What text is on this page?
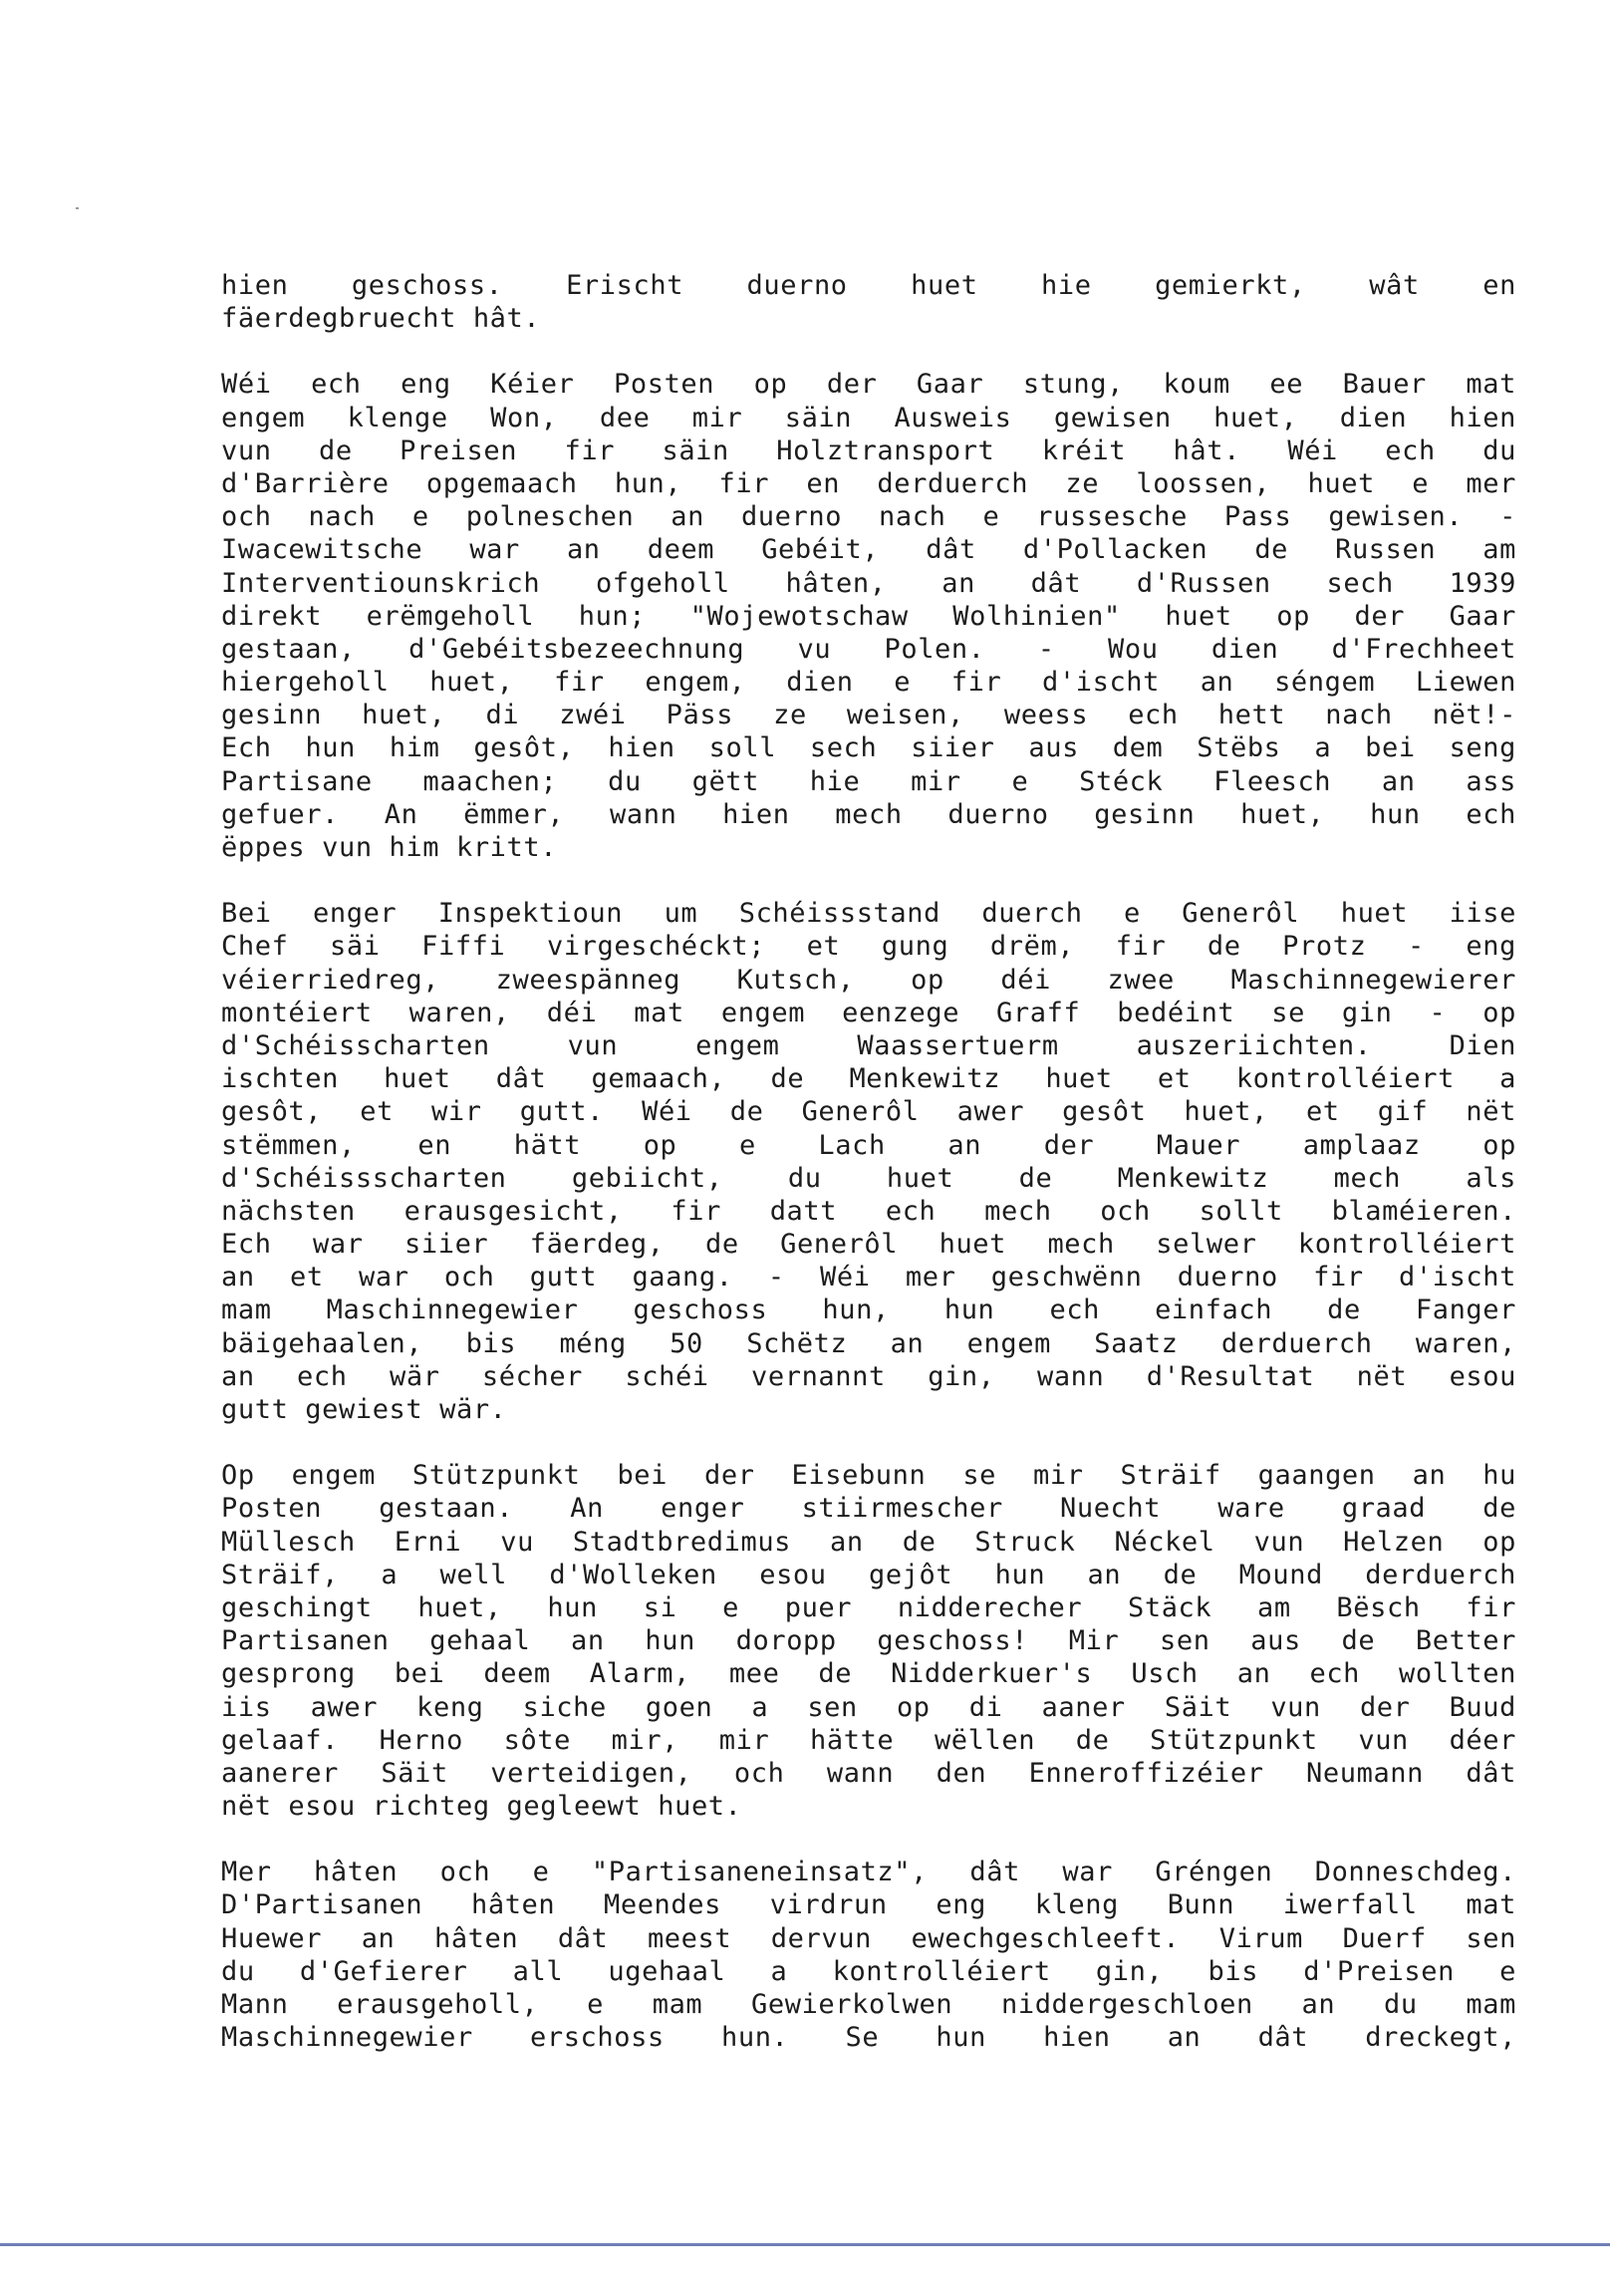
hien geschoss. Erischt duerno huet hie gemierkt, wât en
fäerdegbruecht hât.
Wéi ech eng Kéier Posten op der Gaar stung, koum ee Bauer mat
engem klenge Won, dee mir säin Ausweis gewisen huet, dien hien
vun de Preisen fir säin Holztransport kréit hât. Wéi ech du
d'Barrière opgemaach hun, fir en derduerch ze loossen, huet e mer
och nach e polneschen an duerno nach e russesche Pass gewisen. -
Iwacewitsche war an deem Gebéit, dât d'Pollacken de Russen am
Interventiounskrich ofgeholl hâten, an dât d'Russen sech 1939
direkt erëmgeholl hun; "Wojewotschaw Wolhinien" huet op der Gaar
gestaan, d'Gebéitsbezeechnung vu Polen. - Wou dien d'Frechheet
hiergeholl huet, fir engem, dien e fir d'ischt an séngem Liewen
gesinn huet, di zwéi Päss ze weisen, weess ech hett nach nët!-
Ech hun him gesôt, hien soll sech siier aus dem Stëbs a bei seng
Partisane maachen; du gëtt hie mir e Stéck Fleesch an ass
gefuer. An ëmmer, wann hien mech duerno gesinn huet, hun ech
ëppes vun him kritt.
Bei enger Inspektioun um Schéissstand duerch e Generôl huet iise
Chef säi Fiffi virgeschéckt; et gung drëm, fir de Protz - eng
véierriedreg, zweespänneg Kutsch, op déi zwee Maschinnegewierer
montéiert waren, déi mat engem eenzege Graff bedéint se gin - op
d'Schéisscharten vun engem Waassertuerm auszeriichten. Dien
ischten huet dât gemaach, de Menkewitz huet et kontrolléiert a
gesôt, et wir gutt. Wéi de Generôl awer gesôt huet, et gif nët
stëmmen, en hätt op e Lach an der Mauer amplaaz op
d'Schéissscharten gebiicht, du huet de Menkewitz mech als
nächsten erausgesicht, fir datt ech mech och sollt blaméieren.
Ech war siier fäerdeg, de Generôl huet mech selwer kontrolléiert
an et war och gutt gaang. - Wéi mer geschwënn duerno fir d'ischt
mam Maschinnegewier geschoss hun, hun ech einfach de Fanger
bäigehaalen, bis méng 50 Schëtz an engem Saatz derduerch waren,
an ech wär sécher schéi vernannt gin, wann d'Resultat nët esou
gutt gewiest wär.
Op engem Stützpunkt bei der Eisebunn se mir Sträif gaangen an hu
Posten gestaan. An enger stiirmescher Nuecht ware graad de
Müllesch Erni vu Stadtbredimus an de Struck Néckel vun Helzen op
Sträif, a well d'Wolleken esou gejôt hun an de Mound derduerch
geschingt huet, hun si e puer nidderecher Stäck am Bësch fir
Partisanen gehaal an hun doropp geschoss! Mir sen aus de Better
gesprong bei deem Alarm, mee de Nidderkuer's Usch an ech wollten
iis awer keng siche goen a sen op di aaner Säit vun der Buud
gelaaf. Herno sôte mir, mir hätte wëllen de Stützpunkt vun déer
aanerer Säit verteidigen, och wann den Enneroffizéier Neumann dât
nët esou richteg gegleewt huet.
Mer hâten och e "Partisaneneinsatz", dât war Gréngen Donneschdeg.
D'Partisanen hâten Meendes virdrun eng kleng Bunn iwerfall mat
Huewer an hâten dât meest dervun ewechgeschleeft. Virum Duerf sen
du d'Gefierer all ugehaal a kontrolléiert gin, bis d'Preisen e
Mann erausgeholl, e mam Gewierkolwen niddergeschloen an du mam
Maschinnegewier erschoss hun. Se hun hien an dât dreckegt,
